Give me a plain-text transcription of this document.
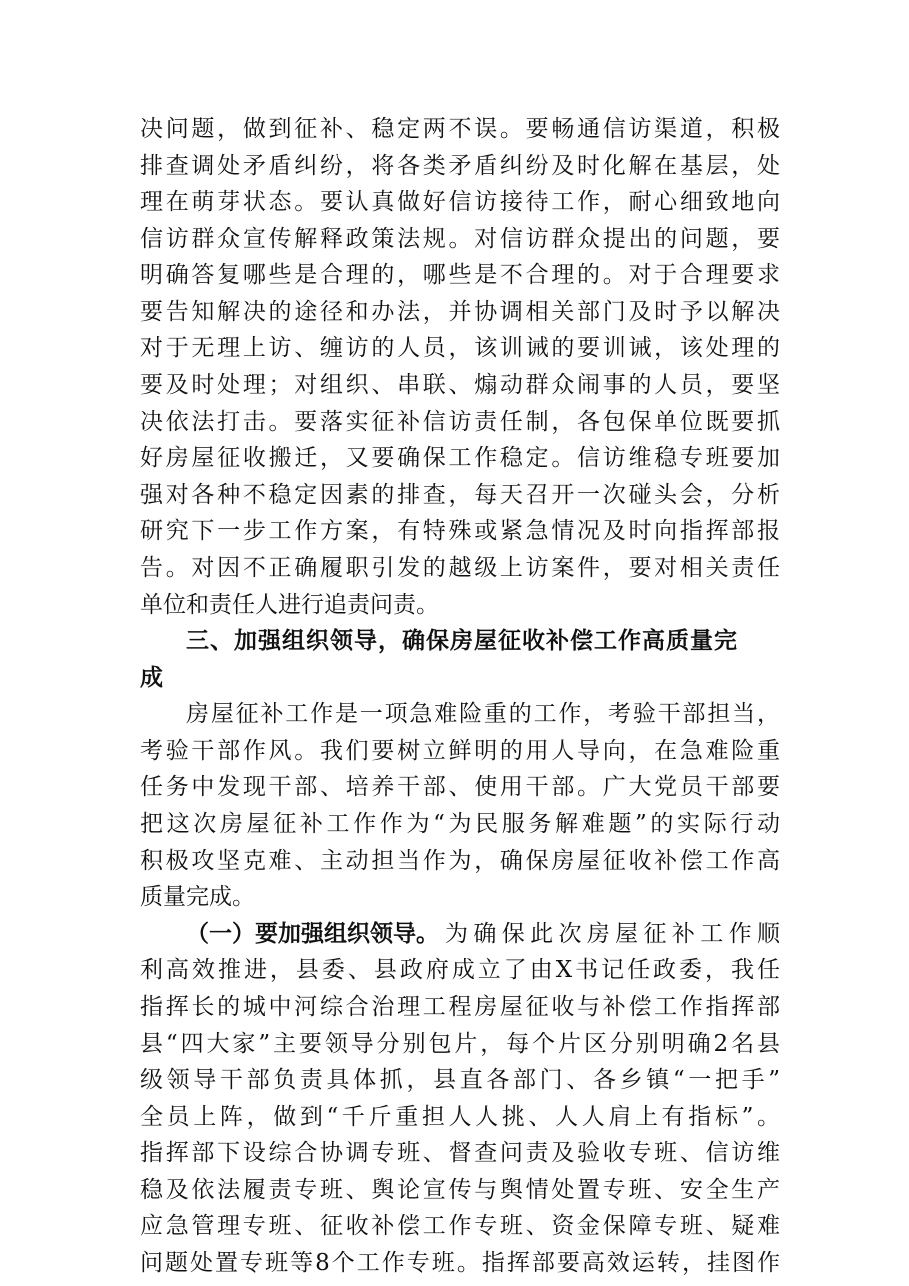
决问题，做到征补、稳定两不误。要畅通信访渠道，积极
排查调处矛盾纠纷，将各类矛盾纠纷及时化解在基层，处
理在萌芽状态。要认真做好信访接待工作，耐心细致地向
信访群众宣传解释政策法规。对信访群众提出的问题，要
明确答复哪些是合理的，哪些是不合理的。对于合理要求
要告知解决的途径和办法，并协调相关部门及时予以解决
对于无理上访、缠访的人员，该训诫的要训诫，该处理的
要及时处理；对组织、串联、煽动群众闹事的人员，要坚
决依法打击。要落实征补信访责任制，各包保单位既要抓
好房屋征收搬迁，又要确保工作稳定。信访维稳专班要加
强对各种不稳定因素的排查，每天召开一次碰头会，分析
研究下一步工作方案，有特殊或紧急情况及时向指挥部报
告。对因不正确履职引发的越级上访案件，要对相关责任
单位和责任人进行追责问责。
三、加强组织领导，确保房屋征收补偿工作高质量完
成
房屋征补工作是一项急难险重的工作，考验干部担当，
考验干部作风。我们要树立鲜明的用人导向，在急难险重
任务中发现干部、培养干部、使用干部。广大党员干部要
把这次房屋征补工作作为“为民服务解难题”的实际行动
积极攻坚克难、主动担当作为，确保房屋征收补偿工作高
质量完成。
（一）要加强组织领导。 为确保此次房屋征补工作顺
利高效推进，县委、县政府成立了由X书记任政委，我任
指挥长的城中河综合治理工程房屋征收与补偿工作指挥部
县“四大家”主要领导分别包片，每个片区分别明确2名县
级领导干部负责具体抓，县直各部门、各乡镇“一把手”
全员上阵，做到“千斤重担人人挑、人人肩上有指标”。
指挥部下设综合协调专班、督查问责及验收专班、信访维
稳及依法履责专班、舆论宣传与舆情处置专班、安全生产
应急管理专班、征收补偿工作专班、资金保障专班、疑难
问题处置专班等8个工作专班。指挥部要高效运转，挂图作
